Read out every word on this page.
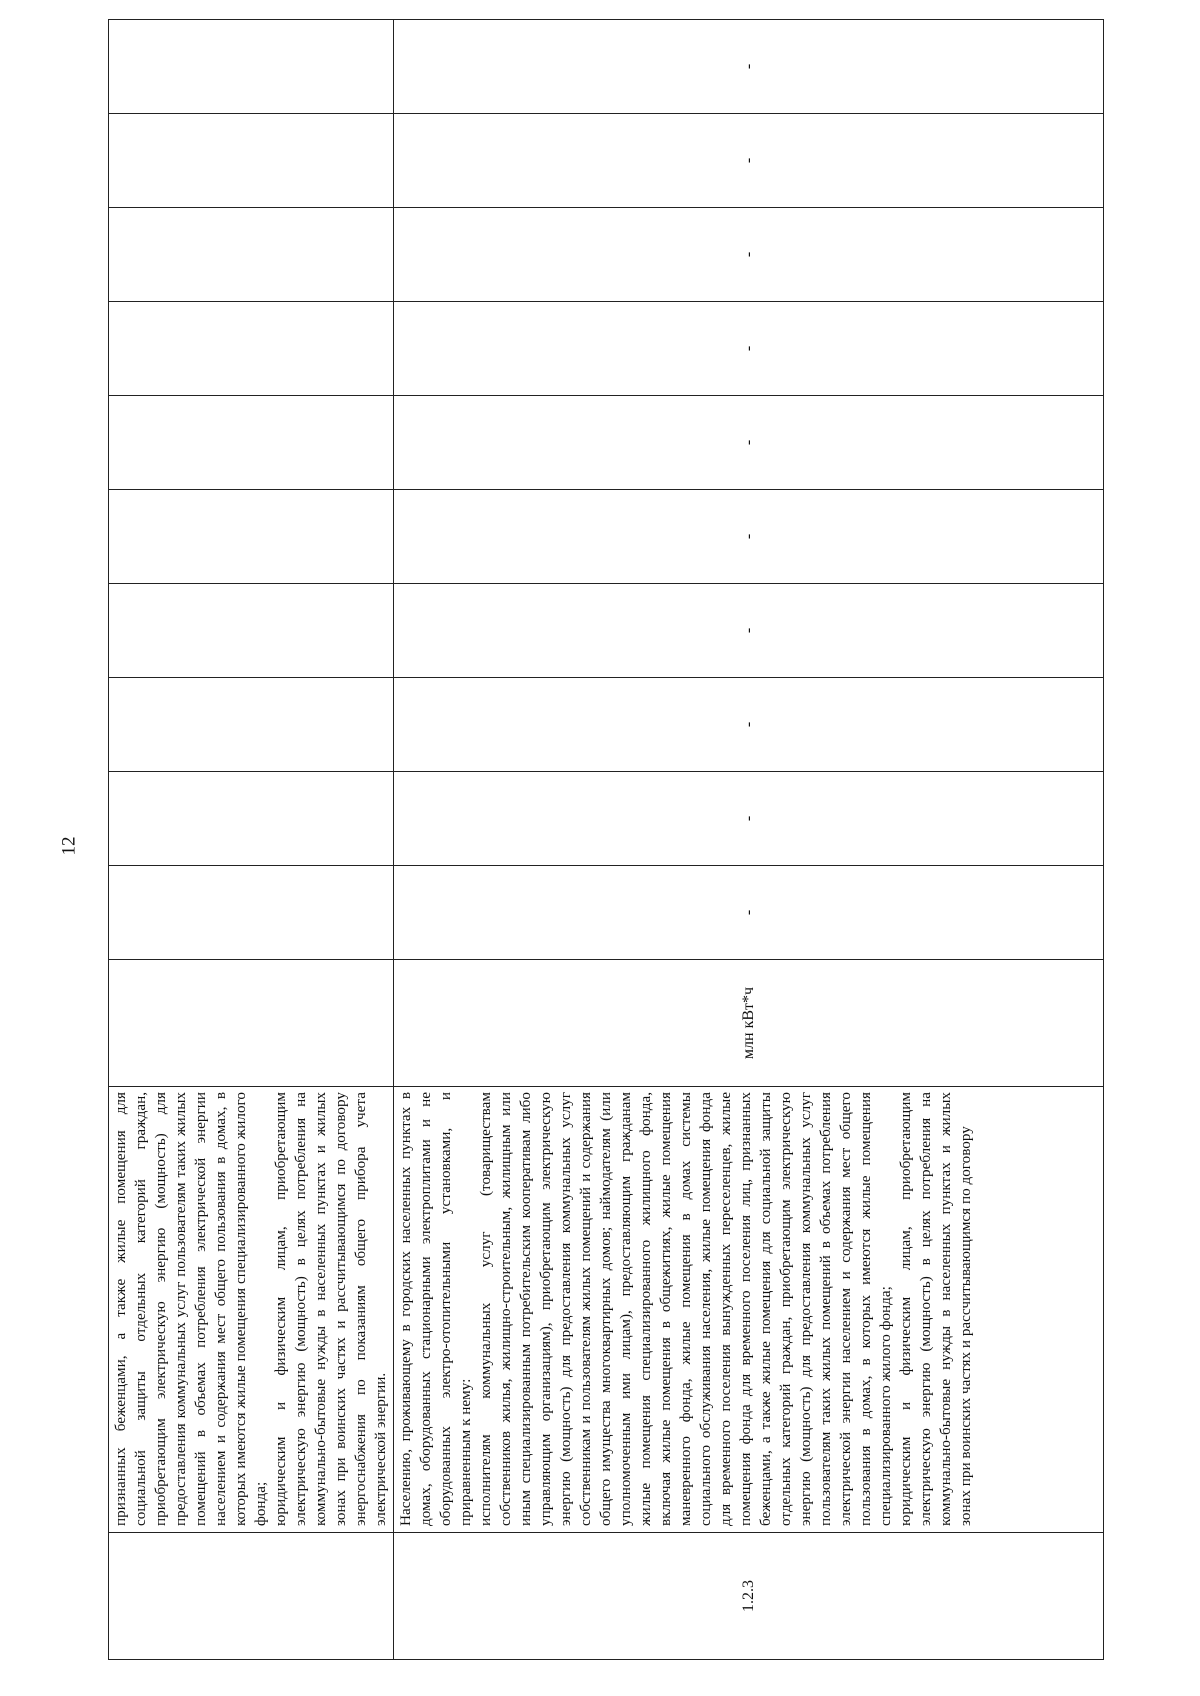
12

	признанных беженцами, а также жилые помещения для социальной защиты отдельных категорий граждан, приобретающим электрическую энергию (мощность) для предоставления коммунальных услуг пользователям таких жилых помещений в объемах потребления электрической энергии населением и содержания мест общего пользования в домах, в которых имеются жилые помещения специализированного жилого фонда; юридическим и физическим лицам, приобретающим электрическую энергию (мощность) в целях потребления на коммунально-бытовые нужды в населенных пунктах и жилых зонах при воинских частях и рассчитывающимся по договору энергоснабжения по показаниям общего прибора учета электрической энергии.											

1.2.3	Населению, проживающему в городских населенных пунктах в домах, оборудованных стационарными электроплитами и не оборудованных электро-отопительными установками, и приравненным к нему: исполнителям коммунальных услуг (товариществам собственников жилья, жилищно-строительным, жилищным или иным специализированным потребительским кооперативам либо управляющим организациям), приобретающим электрическую энергию (мощность) для предоставления коммунальных услуг собственникам и пользователям жилых помещений и содержания общего имущества многоквартирных домов; наймодателям (или уполномоченным ими лицам), предоставляющим гражданам жилые помещения специализированного жилищного фонда, включая жилые помещения в общежитиях, жилые помещения маневренного фонда, жилые помещения в домах системы социального обслуживания населения, жилые помещения фонда для временного поселения вынужденных переселенцев, жилые помещения фонда для временного поселения лиц, признанных беженцами, а также жилые помещения для социальной защиты отдельных категорий граждан, приобретающим электрическую энергию (мощность) для предоставления коммунальных услуг пользователям таких жилых помещений в объемах потребления электрической энергии населением и содержания мест общего пользования в домах, в которых имеются жилые помещения специализированного жилого фонда; юридическим и физическим лицам, приобретающим электрическую энергию (мощность) в целях потребления на коммунально-бытовые нужды в населенных пунктах и жилых зонах при воинских частях и рассчитывающимся по договору	млн кВт*ч	-	-	-	-	-	-	-	-	-	-
